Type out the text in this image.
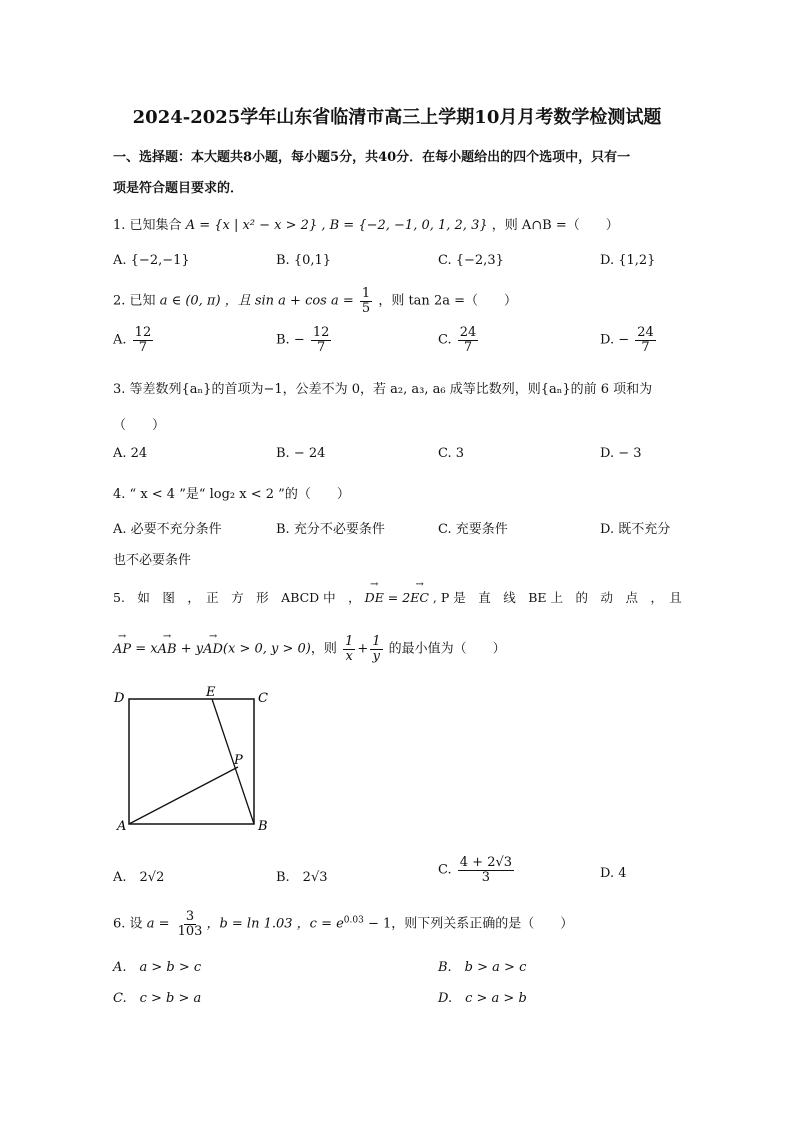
2024-2025学年山东省临清市高三上学期10月月考数学检测试题
一、选择题：本大题共8小题，每小题5分，共40分．在每小题给出的四个选项中，只有一
项是符合题目要求的．
1. 已知集合 A = {x | x² − x > 2} , B = {−2, −1, 0, 1, 2, 3} ，则 A∩B =（　　）
A. {−2,−1}	B. {0,1}	C. {−2,3}	D. {1,2}
2. 已知 a ∈ (0, π) ，且 $\sin a + \cos a = \frac{1}{5}$ ，则 tan 2a =（　　）
A. $\frac{12}{7}$	B. − $\frac{12}{7}$	C. $\frac{24}{7}$	D. − $\frac{24}{7}$
3. 等差数列{aₙ}的首项为−1，公差不为 0，若 a₂, a₃, a₆ 成等比数列，则{aₙ}的前 6 项和为
（　　）
A. 24	B. − 24	C. 3	D. − 3
4. “ x < 4 ”是“ log₂ x < 2 ”的（　　）
A. 必要不充分条件	B. 充分不必要条件	C. 充要条件	D. 既不充分
也不必要条件
5.　如　图　，　正　方　形　ABCD 中　， → DE = 2→ EC , P 是　直　线　BE 上　的　动　点　，　且
→ AP = x→ AB + y→ AD(x > 0, y > 0)，则 $\frac{1}{x} + \frac{1}{y}$ 的最小值为（　　）
D	C
E
P
A	B
A.　2√2	B.　2√3	C. $\frac{4 + 2√3}{3}$	D. 4
6. 设 $a = \frac{3}{103}$ ，b = ln 1.03 ，$c = e^{0.03} - 1$，则下列关系正确的是（　　）
A.　a > b > c	B.　b > a > c
C.　c > b > a	D.　c > a > b
